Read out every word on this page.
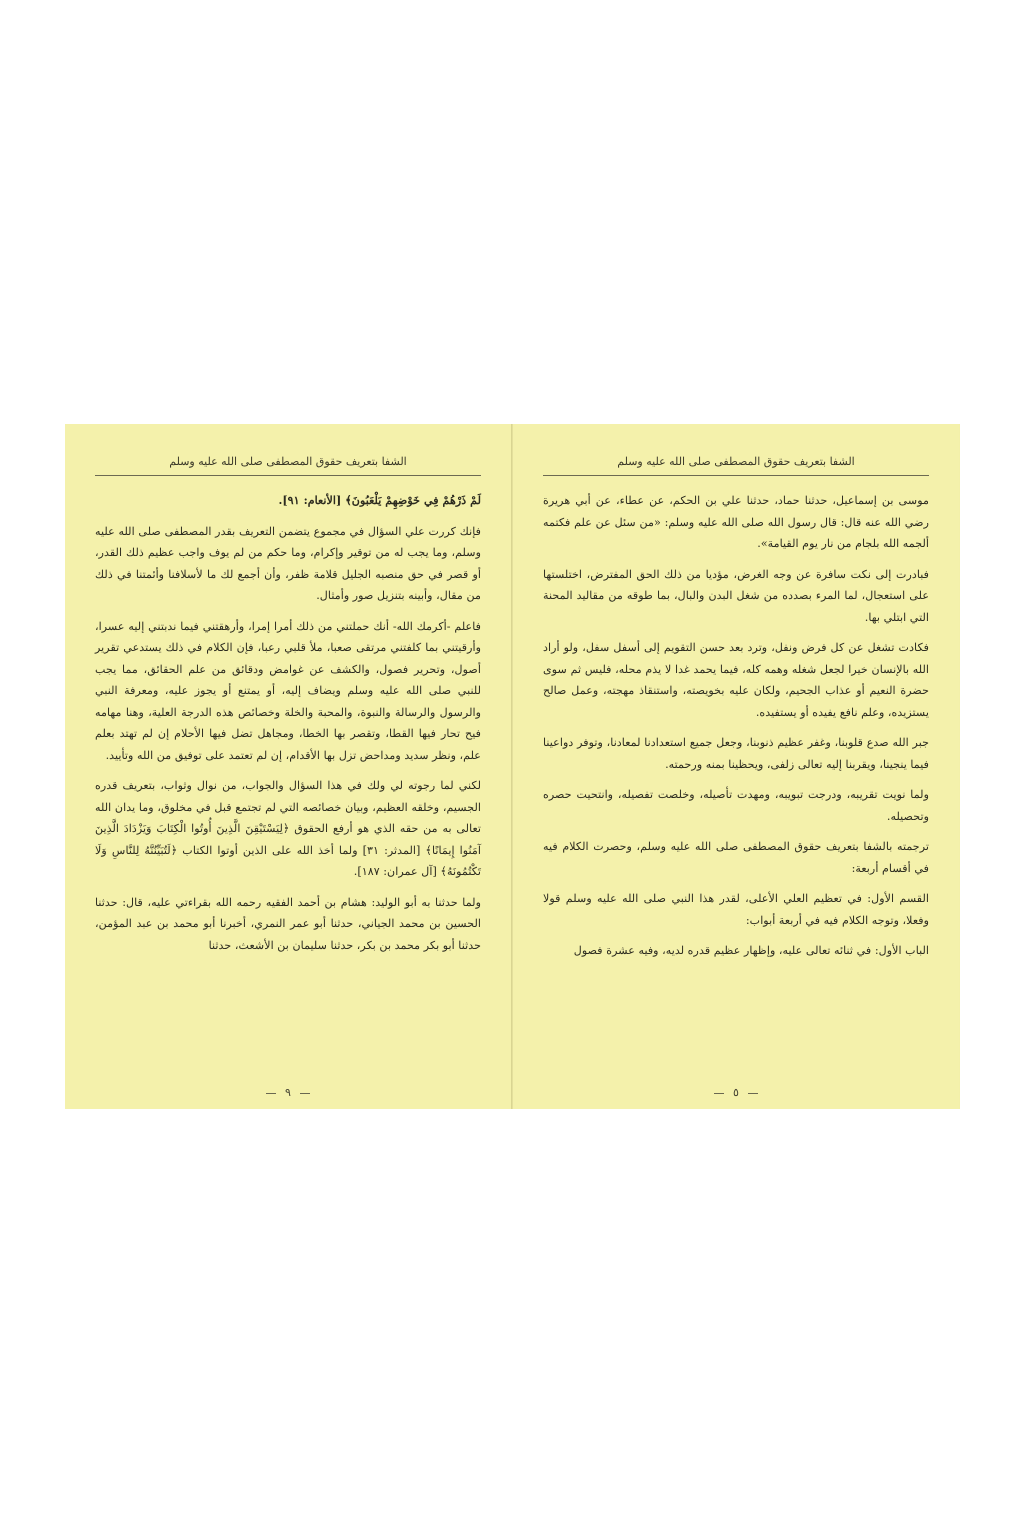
الشفا بتعريف حقوق المصطفى صلى الله عليه وسلم

لَمْ ذَرْهُمْ فِي خَوْضِهِمْ يَلْعَبُونَ﴾ [الأنعام: ٩١].

فإنك كررت علي السؤال في مجموع يتضمن التعريف بقدر المصطفى صلى الله عليه وسلم، وما يجب له من توقير وإكرام، وما حكم من لم يوف واجب عظيم ذلك القدر، أو قصر في حق منصبه الجليل قلامة ظفر، وأن أجمع لك ما لأسلافنا وأئمتنا في ذلك من مقال، وأبينه بتنزيل صور وأمثال.

فاعلم -أكرمك الله- أنك حملتني من ذلك أمرا إمرا، وأرهقتني فيما ندبتني إليه عسرا، وأرقيتني بما كلفتني مرتقى صعبا، ملأ قلبي رعبا، فإن الكلام في ذلك يستدعي تقرير أصول، وتحرير فصول، والكشف عن غوامض ودقائق من علم الحقائق، مما يجب للنبي صلى الله عليه وسلم ويضاف إليه، أو يمتنع أو يجوز عليه، ومعرفة النبي والرسول والرسالة والنبوة، والمحبة والخلة وخصائص هذه الدرجة العلية، وهنا مهامه فيح تحار فيها القطا، وتقصر بها الخطا، ومجاهل تضل فيها الأحلام إن لم تهتد بعلم علم، ونظر سديد ومداحض تزل بها الأقدام، إن لم تعتمد على توفيق من الله وتأييد.

لكني لما رجوته لي ولك في هذا السؤال والجواب، من نوال وثواب، بتعريف قدره الجسيم، وخلقه العظيم، وبيان خصائصه التي لم تجتمع قبل في مخلوق، وما يدان الله تعالى به من حقه الذي هو أرفع الحقوق ﴿لِيَسْتَيْقِنَ الَّذِينَ أُوتُوا الْكِتَابَ وَيَزْدَادَ الَّذِينَ آمَنُوا إِيمَانًا﴾ [المدثر: ٣١] ولما أخذ الله على الذين أوتوا الكتاب ﴿لَتُبَيِّنُنَّهُ لِلنَّاسِ وَلَا تَكْتُمُونَهُ﴾ [آل عمران: ١٨٧].

ولما حدثنا به أبو الوليد: هشام بن أحمد الفقيه رحمه الله بقراءتي عليه، قال: حدثنا الحسين بن محمد الجياني، حدثنا أبو عمر النمري، أخبرنا أبو محمد بن عبد المؤمن، حدثنا أبو بكر محمد بن بكر، حدثنا سليمان بن الأشعث، حدثنا

٩
الشفا بتعريف حقوق المصطفى صلى الله عليه وسلم

موسى بن إسماعيل، حدثنا حماد، حدثنا علي بن الحكم، عن عطاء، عن أبي هريرة رضي الله عنه قال: قال رسول الله صلى الله عليه وسلم: «من سئل عن علم فكتمه ألجمه الله بلجام من نار يوم القيامة».

فبادرت إلى نكت سافرة عن وجه الغرض، مؤديا من ذلك الحق المفترض، اختلستها على استعجال، لما المرء بصدده من شغل البدن والبال، بما طوقه من مقاليد المحنة التي ابتلي بها.

فكادت تشغل عن كل فرض ونفل، وترد بعد حسن التقويم إلى أسفل سفل، ولو أراد الله بالإنسان خيرا لجعل شغله وهمه كله، فيما يحمد غدا لا يذم محله، فليس ثم سوى حضرة النعيم أو عذاب الجحيم، ولكان عليه بخويصته، واستنقاذ مهجته، وعمل صالح يستزيده، وعلم نافع يفيده أو يستفيده.

جبر الله صدع قلوبنا، وغفر عظيم ذنوبنا، وجعل جميع استعدادنا لمعادنا، وتوفر دواعينا فيما ينجينا، ويقربنا إليه تعالى زلفى، ويحظينا بمنه ورحمته.

ولما نويت تقريبه، ودرجت تبويبه، ومهدت تأصيله، وخلصت تفصيله، وانتحيت حصره وتحصيله.

ترجمته بالشفا بتعريف حقوق المصطفى صلى الله عليه وسلم، وحصرت الكلام فيه في أقسام أربعة:

القسم الأول: في تعظيم العلي الأعلى، لقدر هذا النبي صلى الله عليه وسلم قولا وفعلا، وتوجه الكلام فيه في أربعة أبواب:

الباب الأول: في ثنائه تعالى عليه، وإظهار عظيم قدره لديه، وفيه عشرة فصول

٥
